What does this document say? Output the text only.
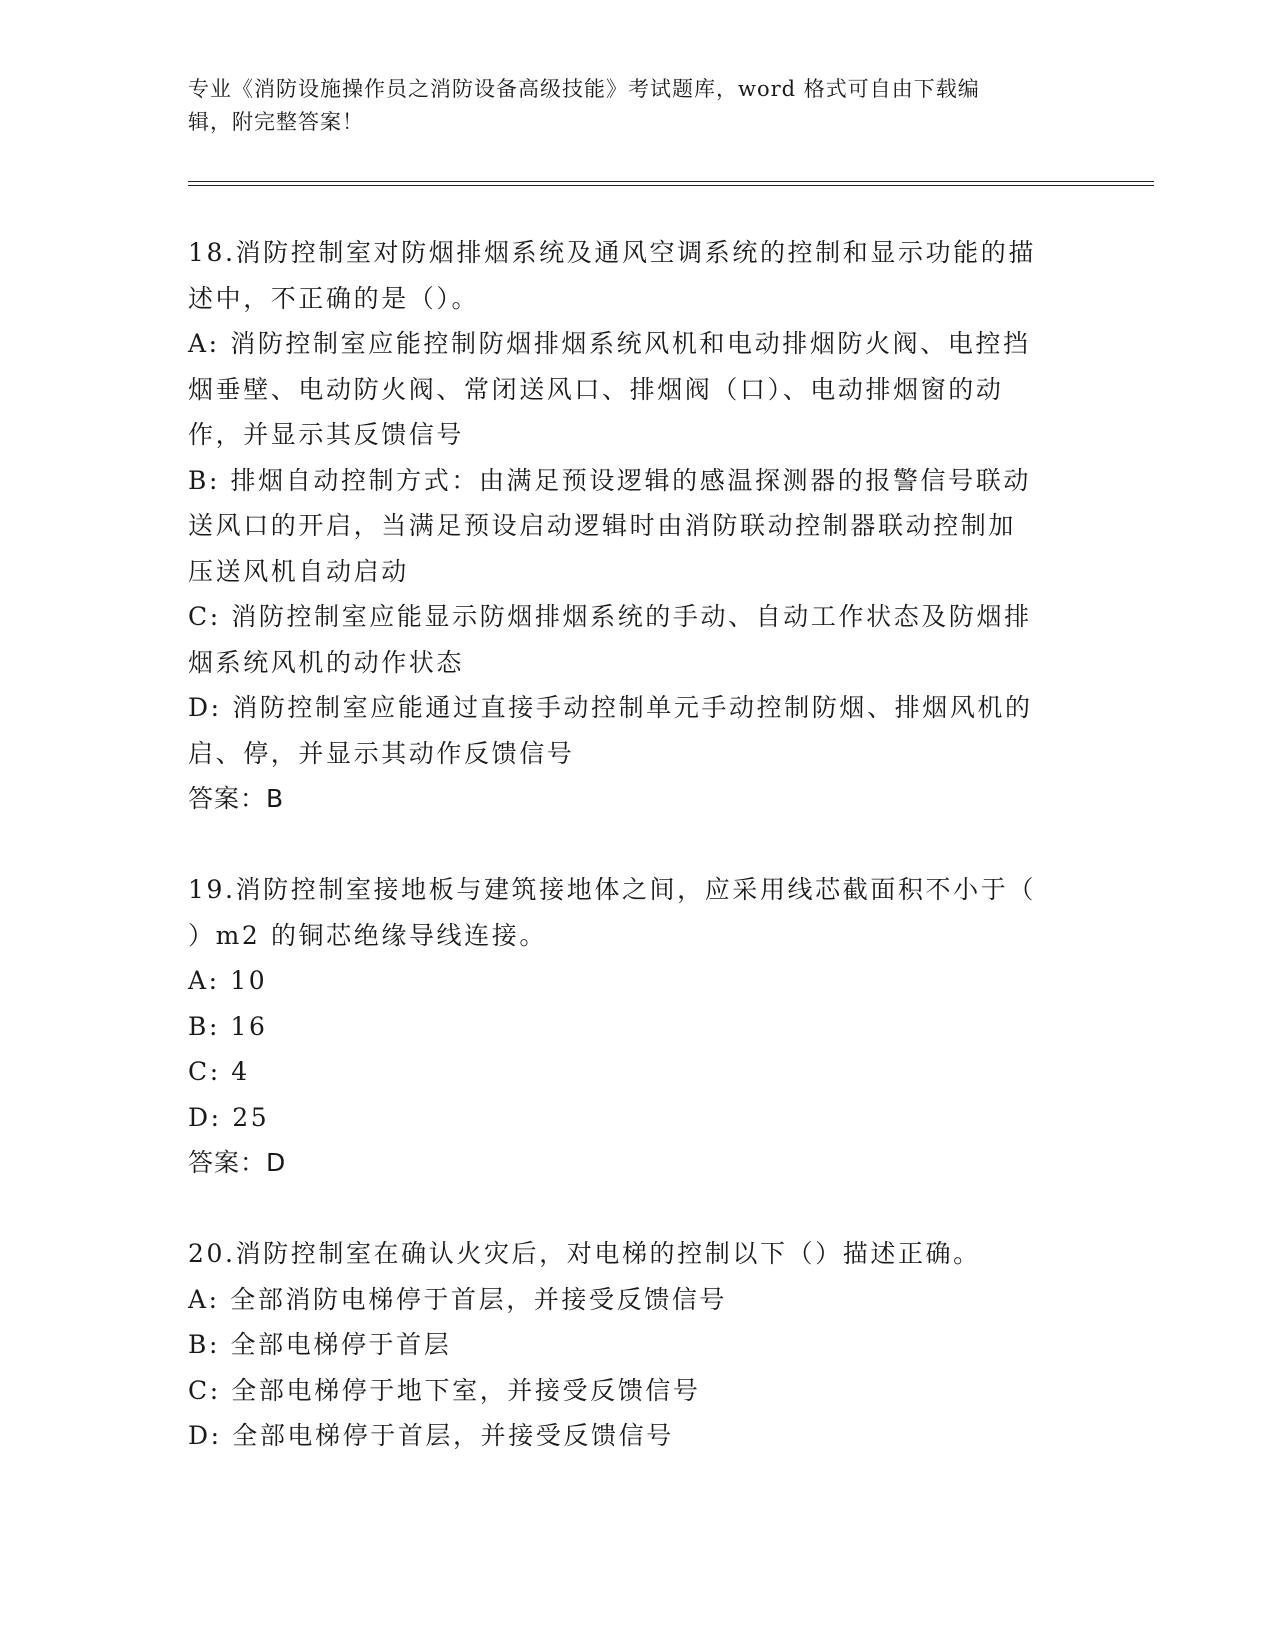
专业《消防设施操作员之消防设备高级技能》考试题库，word 格式可自由下载编

辑，附完整答案！

18.消防控制室对防烟排烟系统及通风空调系统的控制和显示功能的描

述中，不正确的是（）。

A: 消防控制室应能控制防烟排烟系统风机和电动排烟防火阀、电控挡

烟垂壁、电动防火阀、常闭送风口、排烟阀（口）、电动排烟窗的动

作，并显示其反馈信号

B: 排烟自动控制方式：由满足预设逻辑的感温探测器的报警信号联动

送风口的开启，当满足预设启动逻辑时由消防联动控制器联动控制加

压送风机自动启动

C: 消防控制室应能显示防烟排烟系统的手动、自动工作状态及防烟排

烟系统风机的动作状态

D: 消防控制室应能通过直接手动控制单元手动控制防烟、排烟风机的

启、停，并显示其动作反馈信号

答案：B

19.消防控制室接地板与建筑接地体之间，应采用线芯截面积不小于（

）m2 的铜芯绝缘导线连接。

A: 10

B: 16

C: 4

D: 25

答案：D

20.消防控制室在确认火灾后，对电梯的控制以下（）描述正确。

A: 全部消防电梯停于首层，并接受反馈信号

B: 全部电梯停于首层

C: 全部电梯停于地下室，并接受反馈信号

D: 全部电梯停于首层，并接受反馈信号
